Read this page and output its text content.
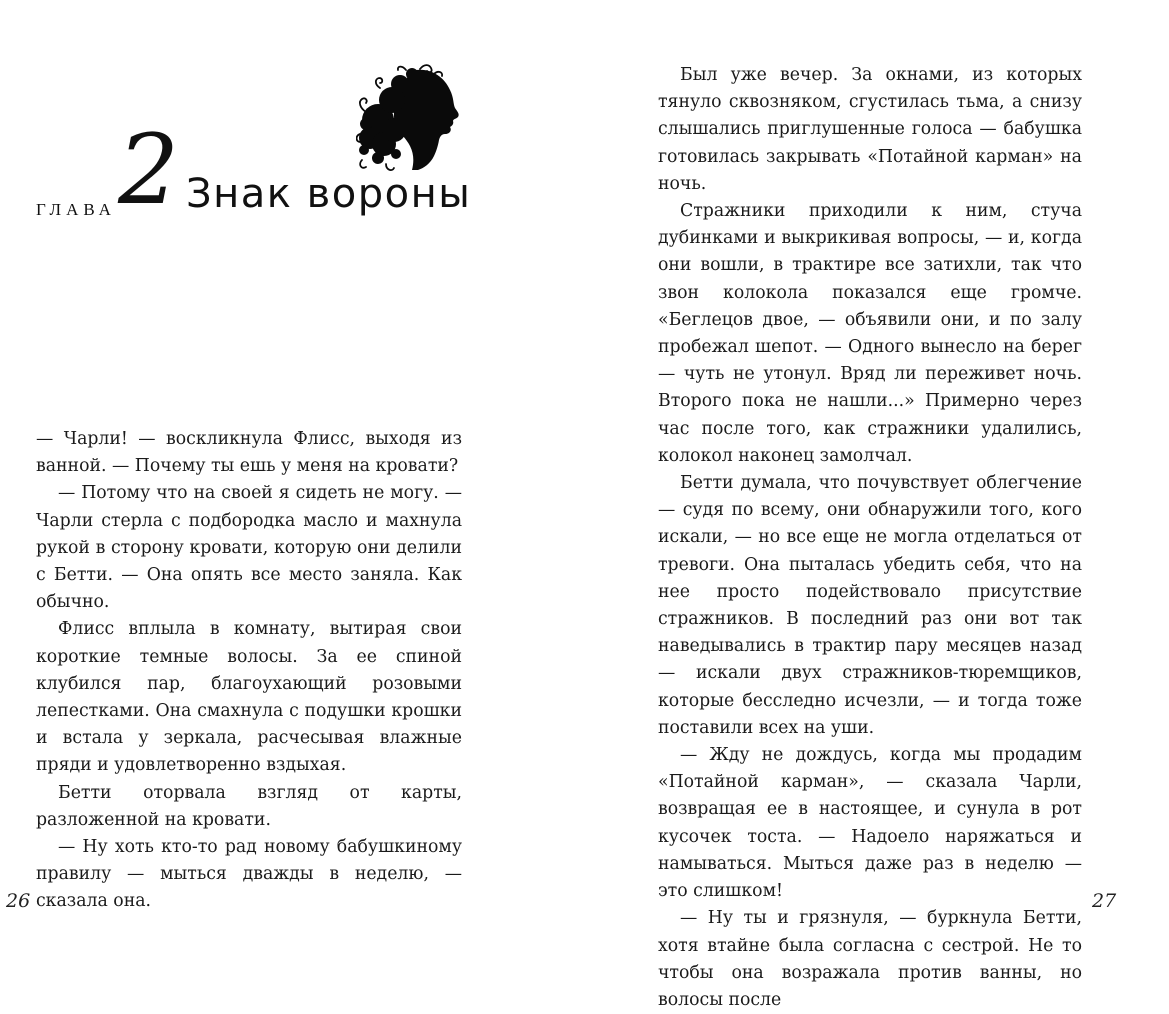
ГЛАВА 2 Знак вороны

— Чарли! — воскликнула Флисс, выходя из ванной. — Почему ты ешь у меня на кровати?

— Потому что на своей я сидеть не могу. — Чарли стерла с подбородка масло и махнула рукой в сторону кровати, которую они делили с Бетти. — Она опять все место заняла. Как обычно.

Флисс вплыла в комнату, вытирая свои короткие темные волосы. За ее спиной клубился пар, благоухающий розовыми лепестками. Она смахнула с подушки крошки и встала у зеркала, расчесывая влажные пряди и удовлетворенно вздыхая.

Бетти оторвала взгляд от карты, разложенной на кровати.

— Ну хоть кто-то рад новому бабушкиному правилу — мыться дважды в неделю, — сказала она.

26

Был уже вечер. За окнами, из которых тянуло сквозняком, сгустилась тьма, а снизу слышались приглушенные голоса — бабушка готовилась закрывать «Потайной карман» на ночь.

Стражники приходили к ним, стуча дубинками и выкрикивая вопросы, — и, когда они вошли, в трактире все затихли, так что звон колокола показался еще громче. «Беглецов двое, — объявили они, и по залу пробежал шепот. — Одного вынесло на берег — чуть не утонул. Вряд ли переживет ночь. Второго пока не нашли...» Примерно через час после того, как стражники удалились, колокол наконец замолчал.

Бетти думала, что почувствует облегчение — судя по всему, они обнаружили того, кого искали, — но все еще не могла отделаться от тревоги. Она пыталась убедить себя, что на нее просто подействовало присутствие стражников. В последний раз они вот так наведывались в трактир пару месяцев назад — искали двух стражников-тюремщиков, которые бесследно исчезли, — и тогда тоже поставили всех на уши.

— Жду не дождусь, когда мы продадим «Потайной карман», — сказала Чарли, возвращая ее в настоящее, и сунула в рот кусочек тоста. — Надоело наряжаться и намываться. Мыться даже раз в неделю — это слишком!

— Ну ты и грязнуля, — буркнула Бетти, хотя втайне была согласна с сестрой. Не то чтобы она возражала против ванны, но волосы после

27
